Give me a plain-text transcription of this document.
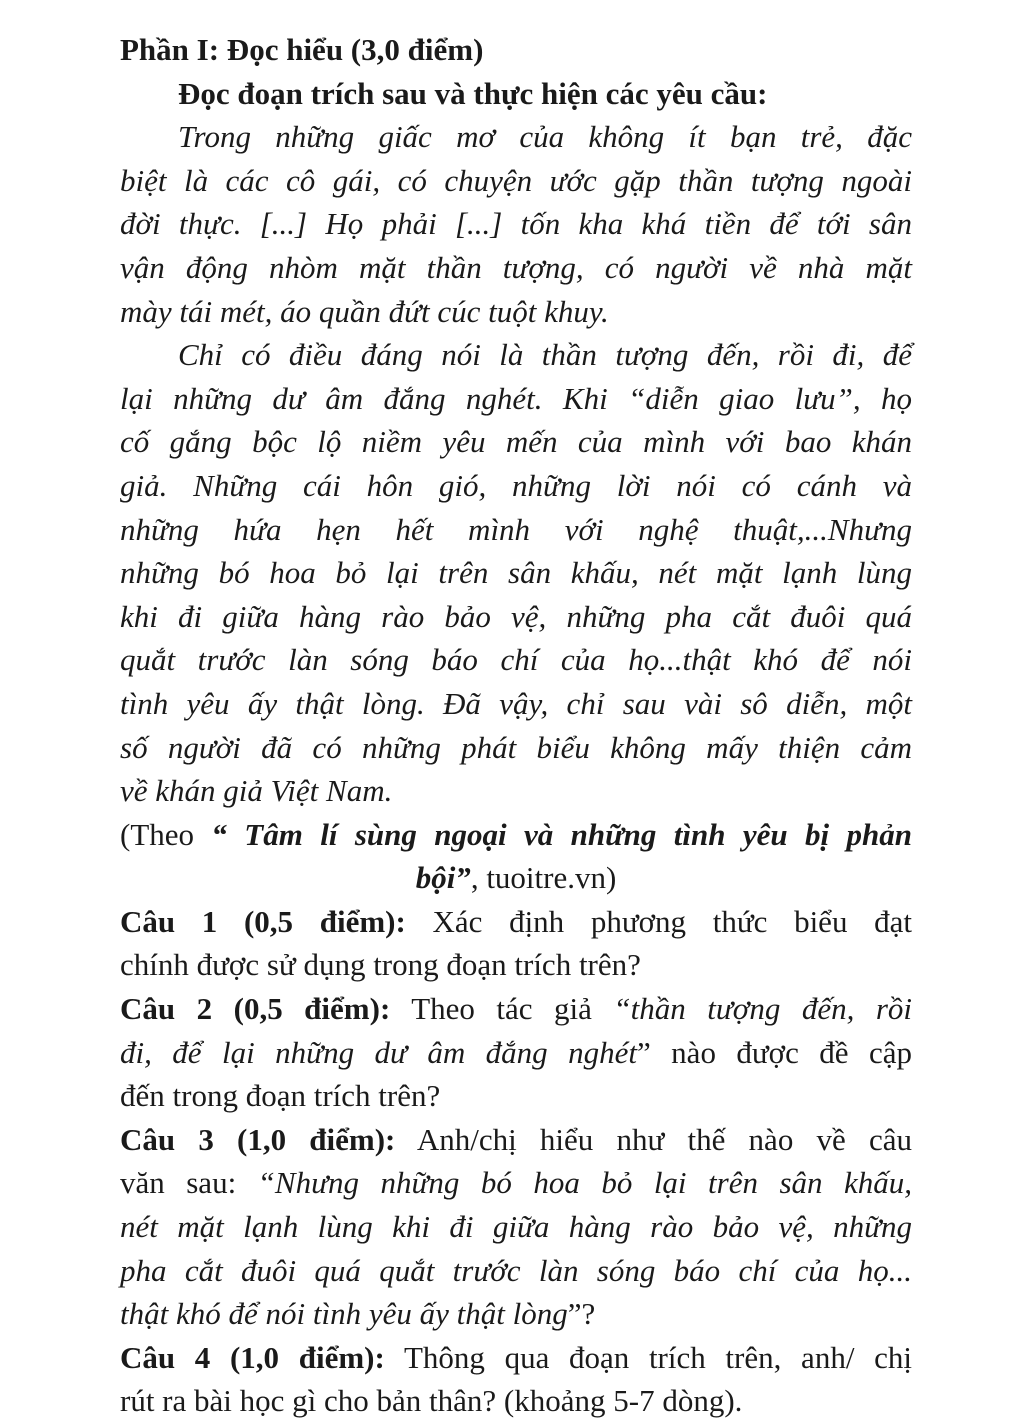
Phần I: Đọc hiểu (3,0 điểm)
Đọc đoạn trích sau và thực hiện các yêu cầu:
Trong những giấc mơ của không ít bạn trẻ, đặc
biệt là các cô gái, có chuyện ước gặp thần tượng ngoài
đời thực. [...] Họ phải [...] tốn kha khá tiền để tới sân
vận động nhòm mặt thần tượng, có người về nhà mặt
mày tái mét, áo quần đứt cúc tuột khuy.
Chỉ có điều đáng nói là thần tượng đến, rồi đi, để
lại những dư âm đắng nghét. Khi “diễn giao lưu”, họ
cố gắng bộc lộ niềm yêu mến của mình với bao khán
giả. Những cái hôn gió, những lời nói có cánh và
những hứa hẹn hết mình với nghệ thuật,...Nhưng
những bó hoa bỏ lại trên sân khấu, nét mặt lạnh lùng
khi đi giữa hàng rào bảo vệ, những pha cắt đuôi quá
quắt trước làn sóng báo chí của họ...thật khó để nói
tình yêu ấy thật lòng. Đã vậy, chỉ sau vài sô diễn, một
số người đã có những phát biểu không mấy thiện cảm
về khán giả Việt Nam.
(Theo “ Tâm lí sùng ngoại và những tình yêu bị phản
bội”, tuoitre.vn)
Câu 1 (0,5 điểm): Xác định phương thức biểu đạt
chính được sử dụng trong đoạn trích trên?
Câu 2 (0,5 điểm): Theo tác giả “thần tượng đến, rồi
đi, để lại những dư âm đắng nghét” nào được đề cập
đến trong đoạn trích trên?
Câu 3 (1,0 điểm): Anh/chị hiểu như thế nào về câu
văn sau: “Nhưng những bó hoa bỏ lại trên sân khấu,
nét mặt lạnh lùng khi đi giữa hàng rào bảo vệ, những
pha cắt đuôi quá quắt trước làn sóng báo chí của họ...
thật khó để nói tình yêu ấy thật lòng”?
Câu 4 (1,0 điểm): Thông qua đoạn trích trên, anh/ chị
rút ra bài học gì cho bản thân? (khoảng 5-7 dòng).
